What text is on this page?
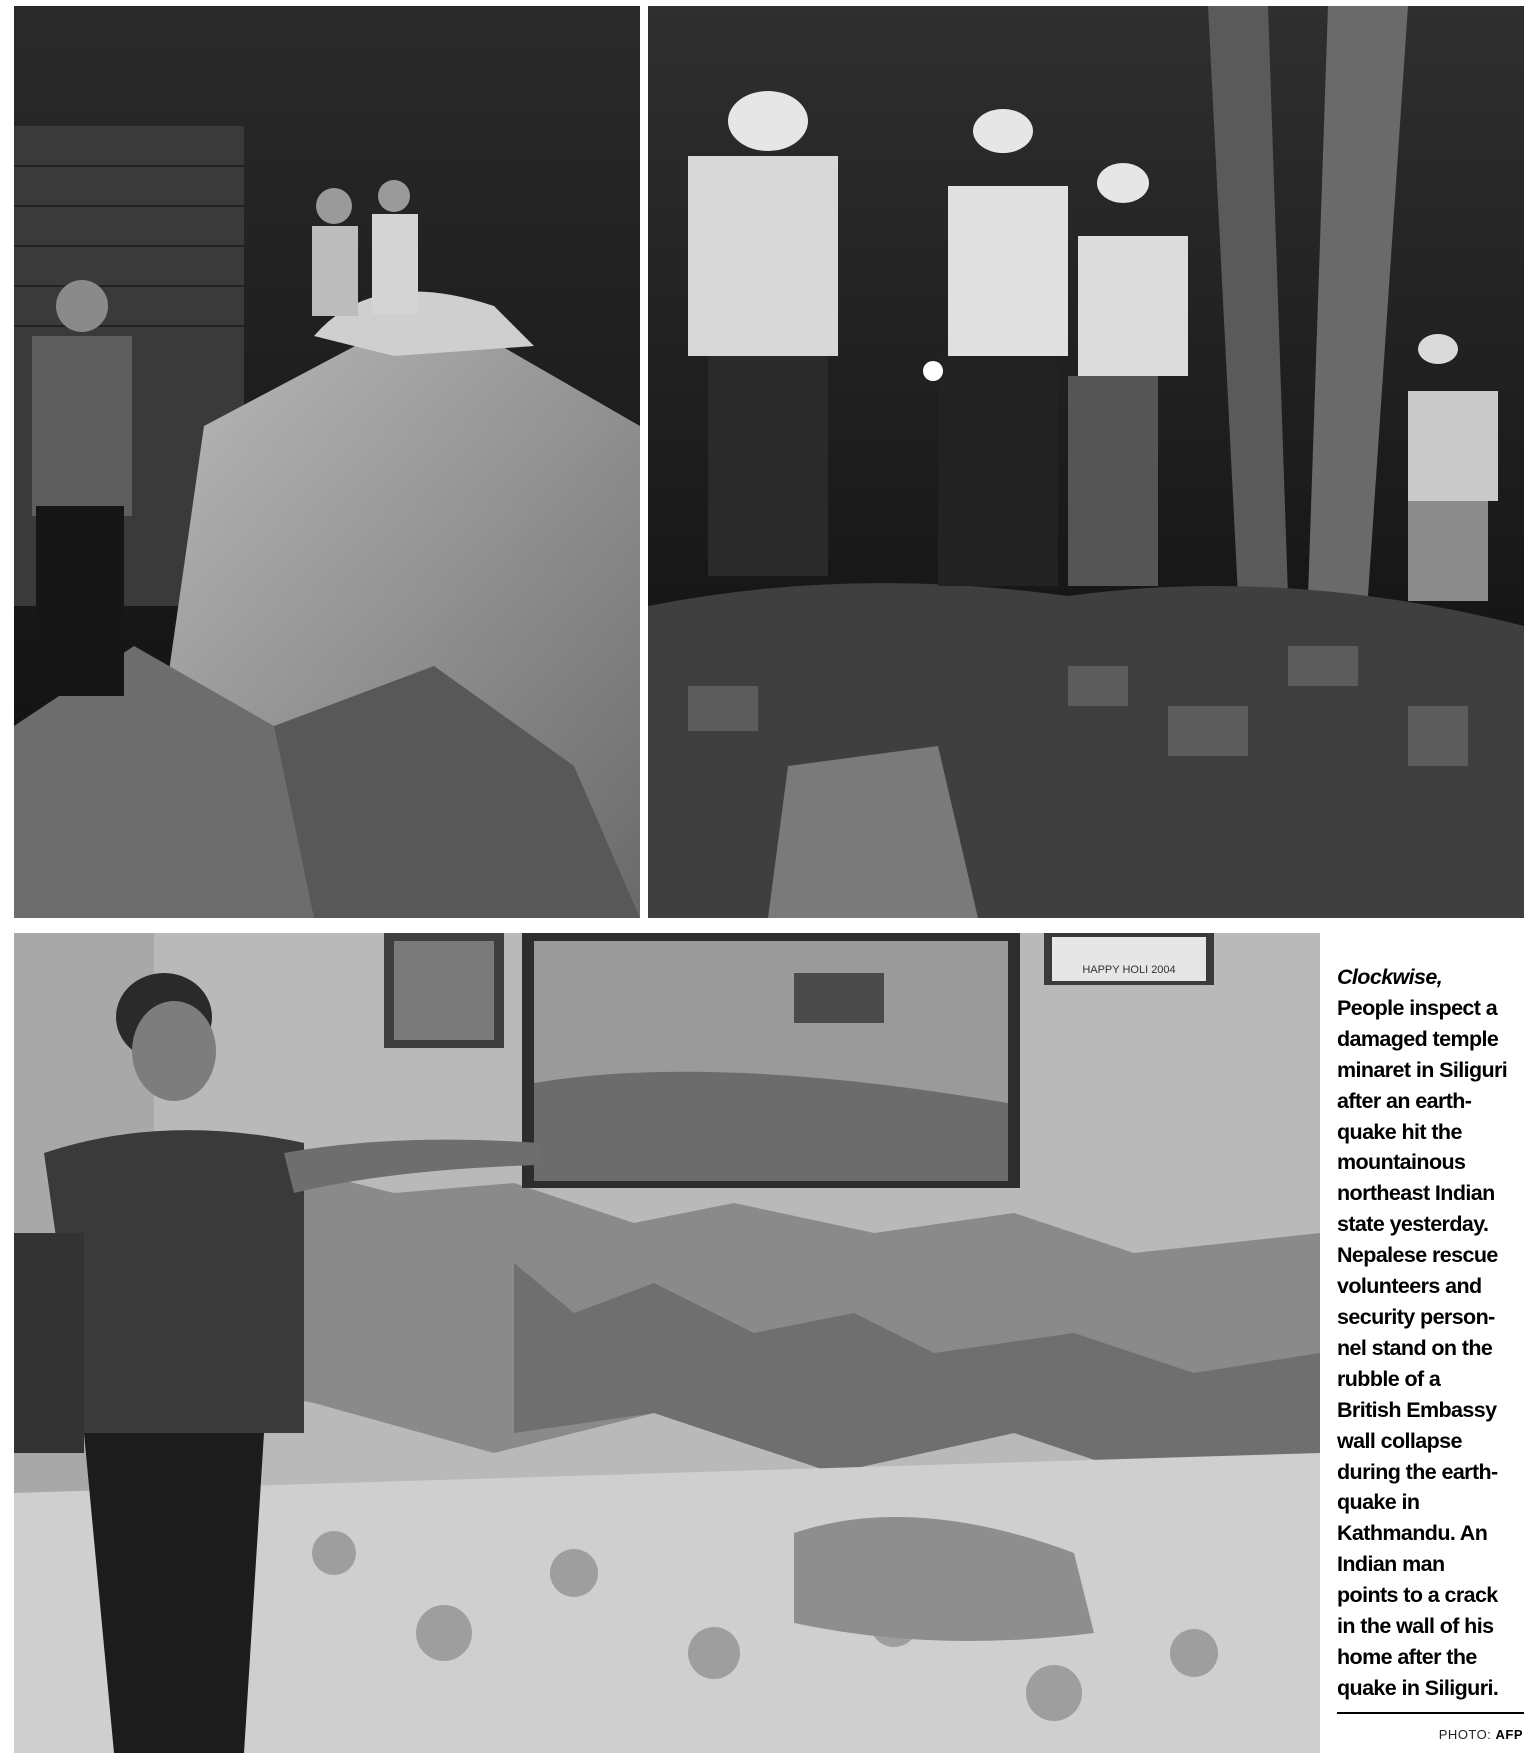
HAPPY HOLI 2004	Clockwise,
People inspect a
damaged temple
minaret in Siliguri
after an earth-
quake hit the
mountainous
northeast Indian
state yesterday.
Nepalese rescue
volunteers and
security person-
nel stand on the
rubble of a
British Embassy
wall collapse
during the earth-
quake in
Kathmandu. An
Indian man
points to a crack
in the wall of his
home after the
quake in Siliguri.
PHOTO: AFP
